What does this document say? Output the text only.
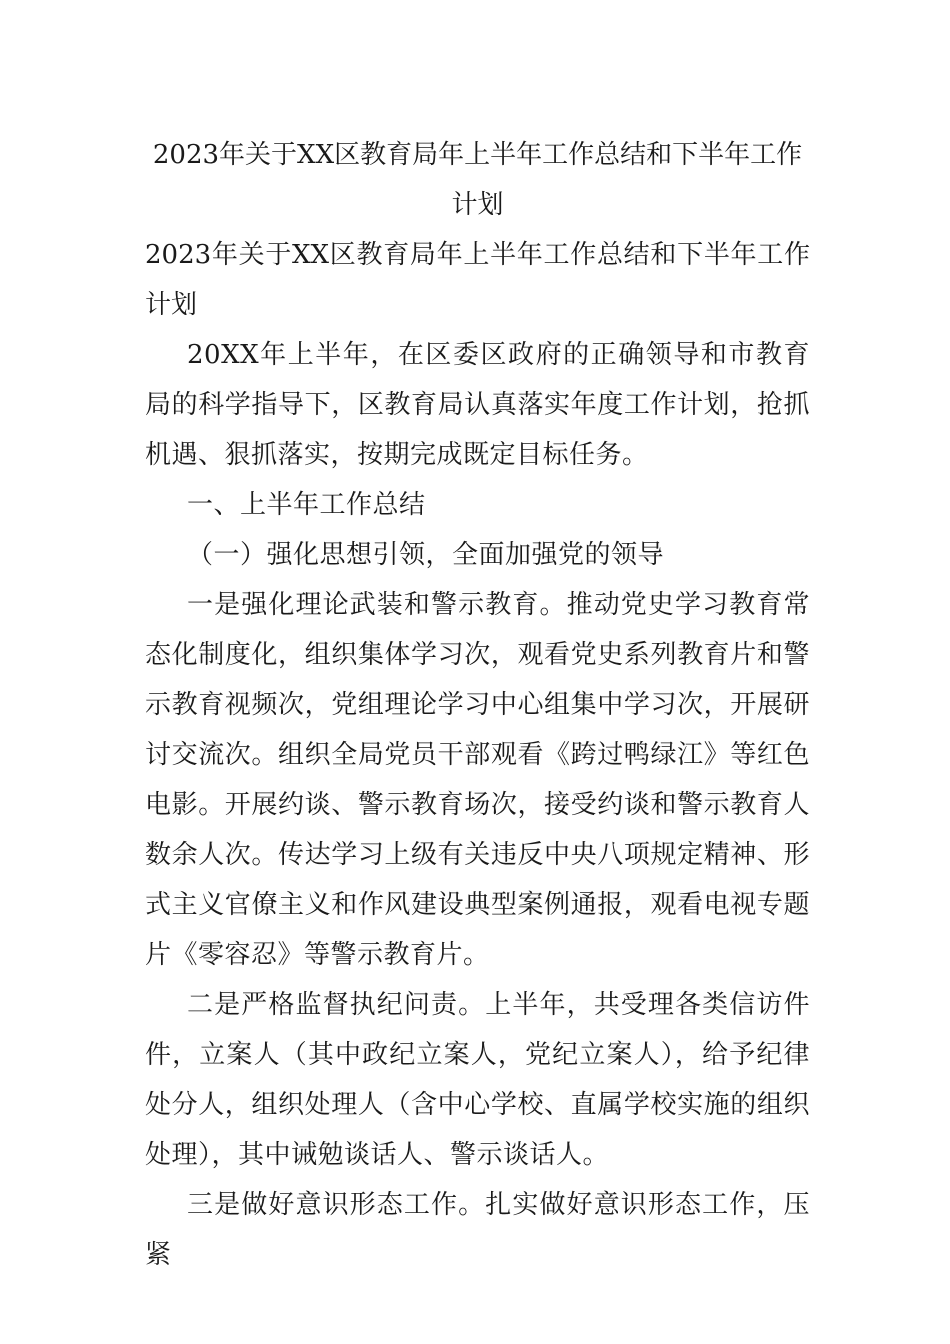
2023年关于XX区教育局年上半年工作总结和下半年工作计划

2023年关于XX区教育局年上半年工作总结和下半年工作计划

20XX年上半年，在区委区政府的正确领导和市教育局的科学指导下，区教育局认真落实年度工作计划，抢抓机遇、狠抓落实，按期完成既定目标任务。

一、上半年工作总结

（一）强化思想引领，全面加强党的领导

一是强化理论武装和警示教育。推动党史学习教育常态化制度化，组织集体学习次，观看党史系列教育片和警示教育视频次，党组理论学习中心组集中学习次，开展研讨交流次。组织全局党员干部观看《跨过鸭绿江》等红色电影。开展约谈、警示教育场次，接受约谈和警示教育人数余人次。传达学习上级有关违反中央八项规定精神、形式主义官僚主义和作风建设典型案例通报，观看电视专题片《零容忍》等警示教育片。

二是严格监督执纪问责。上半年，共受理各类信访件件，立案人（其中政纪立案人，党纪立案人），给予纪律处分人，组织处理人（含中心学校、直属学校实施的组织处理），其中诫勉谈话人、警示谈话人。

三是做好意识形态工作。扎实做好意识形态工作，压紧
